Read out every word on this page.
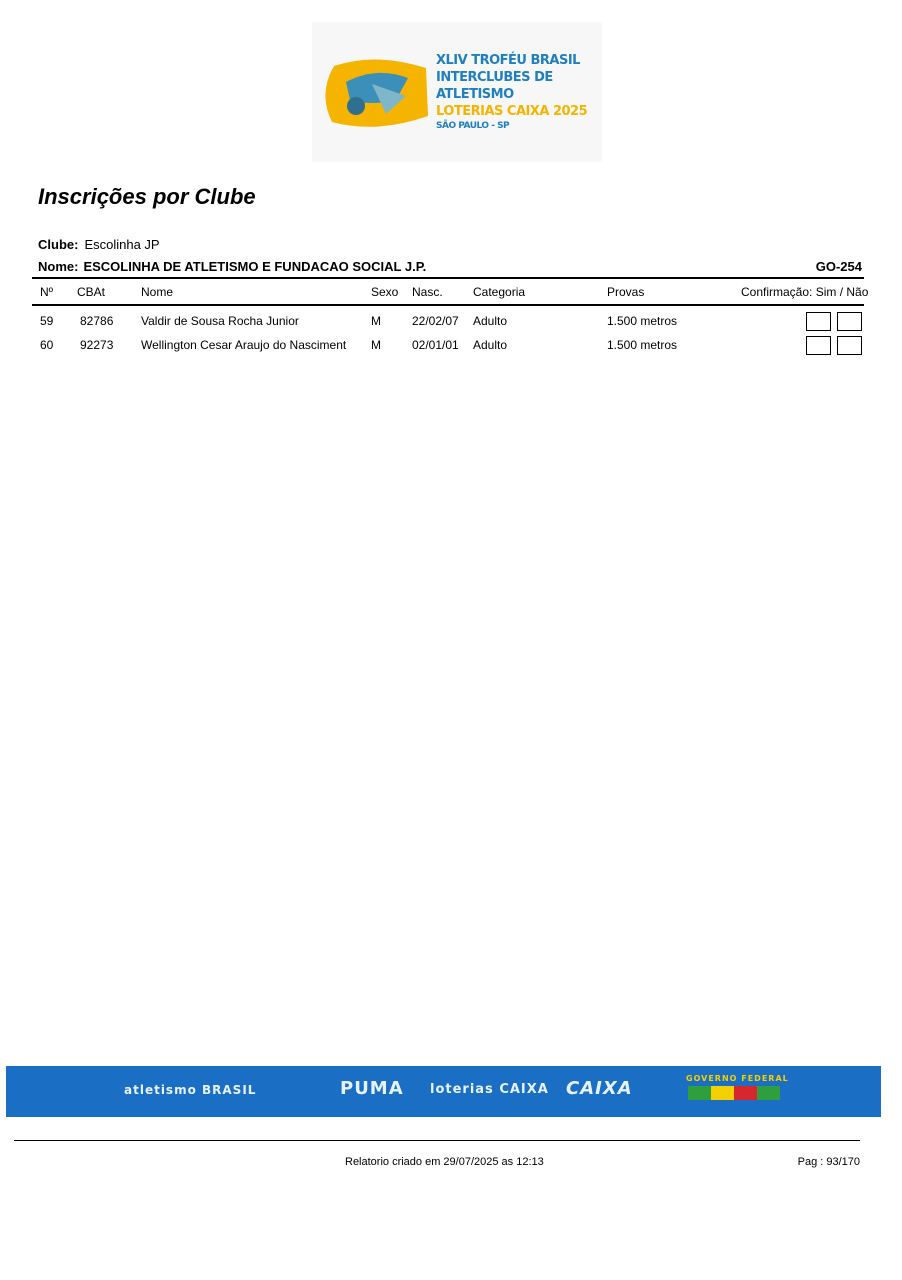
XLIV TROFÉU BRASIL
INTERCLUBES DE ATLETISMO
LOTERIAS CAIXA 2025
SÃO PAULO - SP
Inscrições por Clube
Clube: Escolinha JP
Nome: ESCOLINHA DE ATLETISMO E FUNDACAO SOCIAL J.P.	GO-254
Nº CBAt	Nome	Sexo Nasc.	Categoria	Provas	Confirmação: Sim / Não
59 82786 Valdir de Sousa Rocha Junior	M	22/02/07 Adulto	1.500 metros
60 92273 Wellington Cesar Araujo do Nasciment M	02/01/01 Adulto	1.500 metros
atletismo BRASIL	PUMA loterias CAIXA CAIXA	GOVERNO FEDERAL
Relatorio criado em 29/07/2025 as 12:13	Pag : 93/170
